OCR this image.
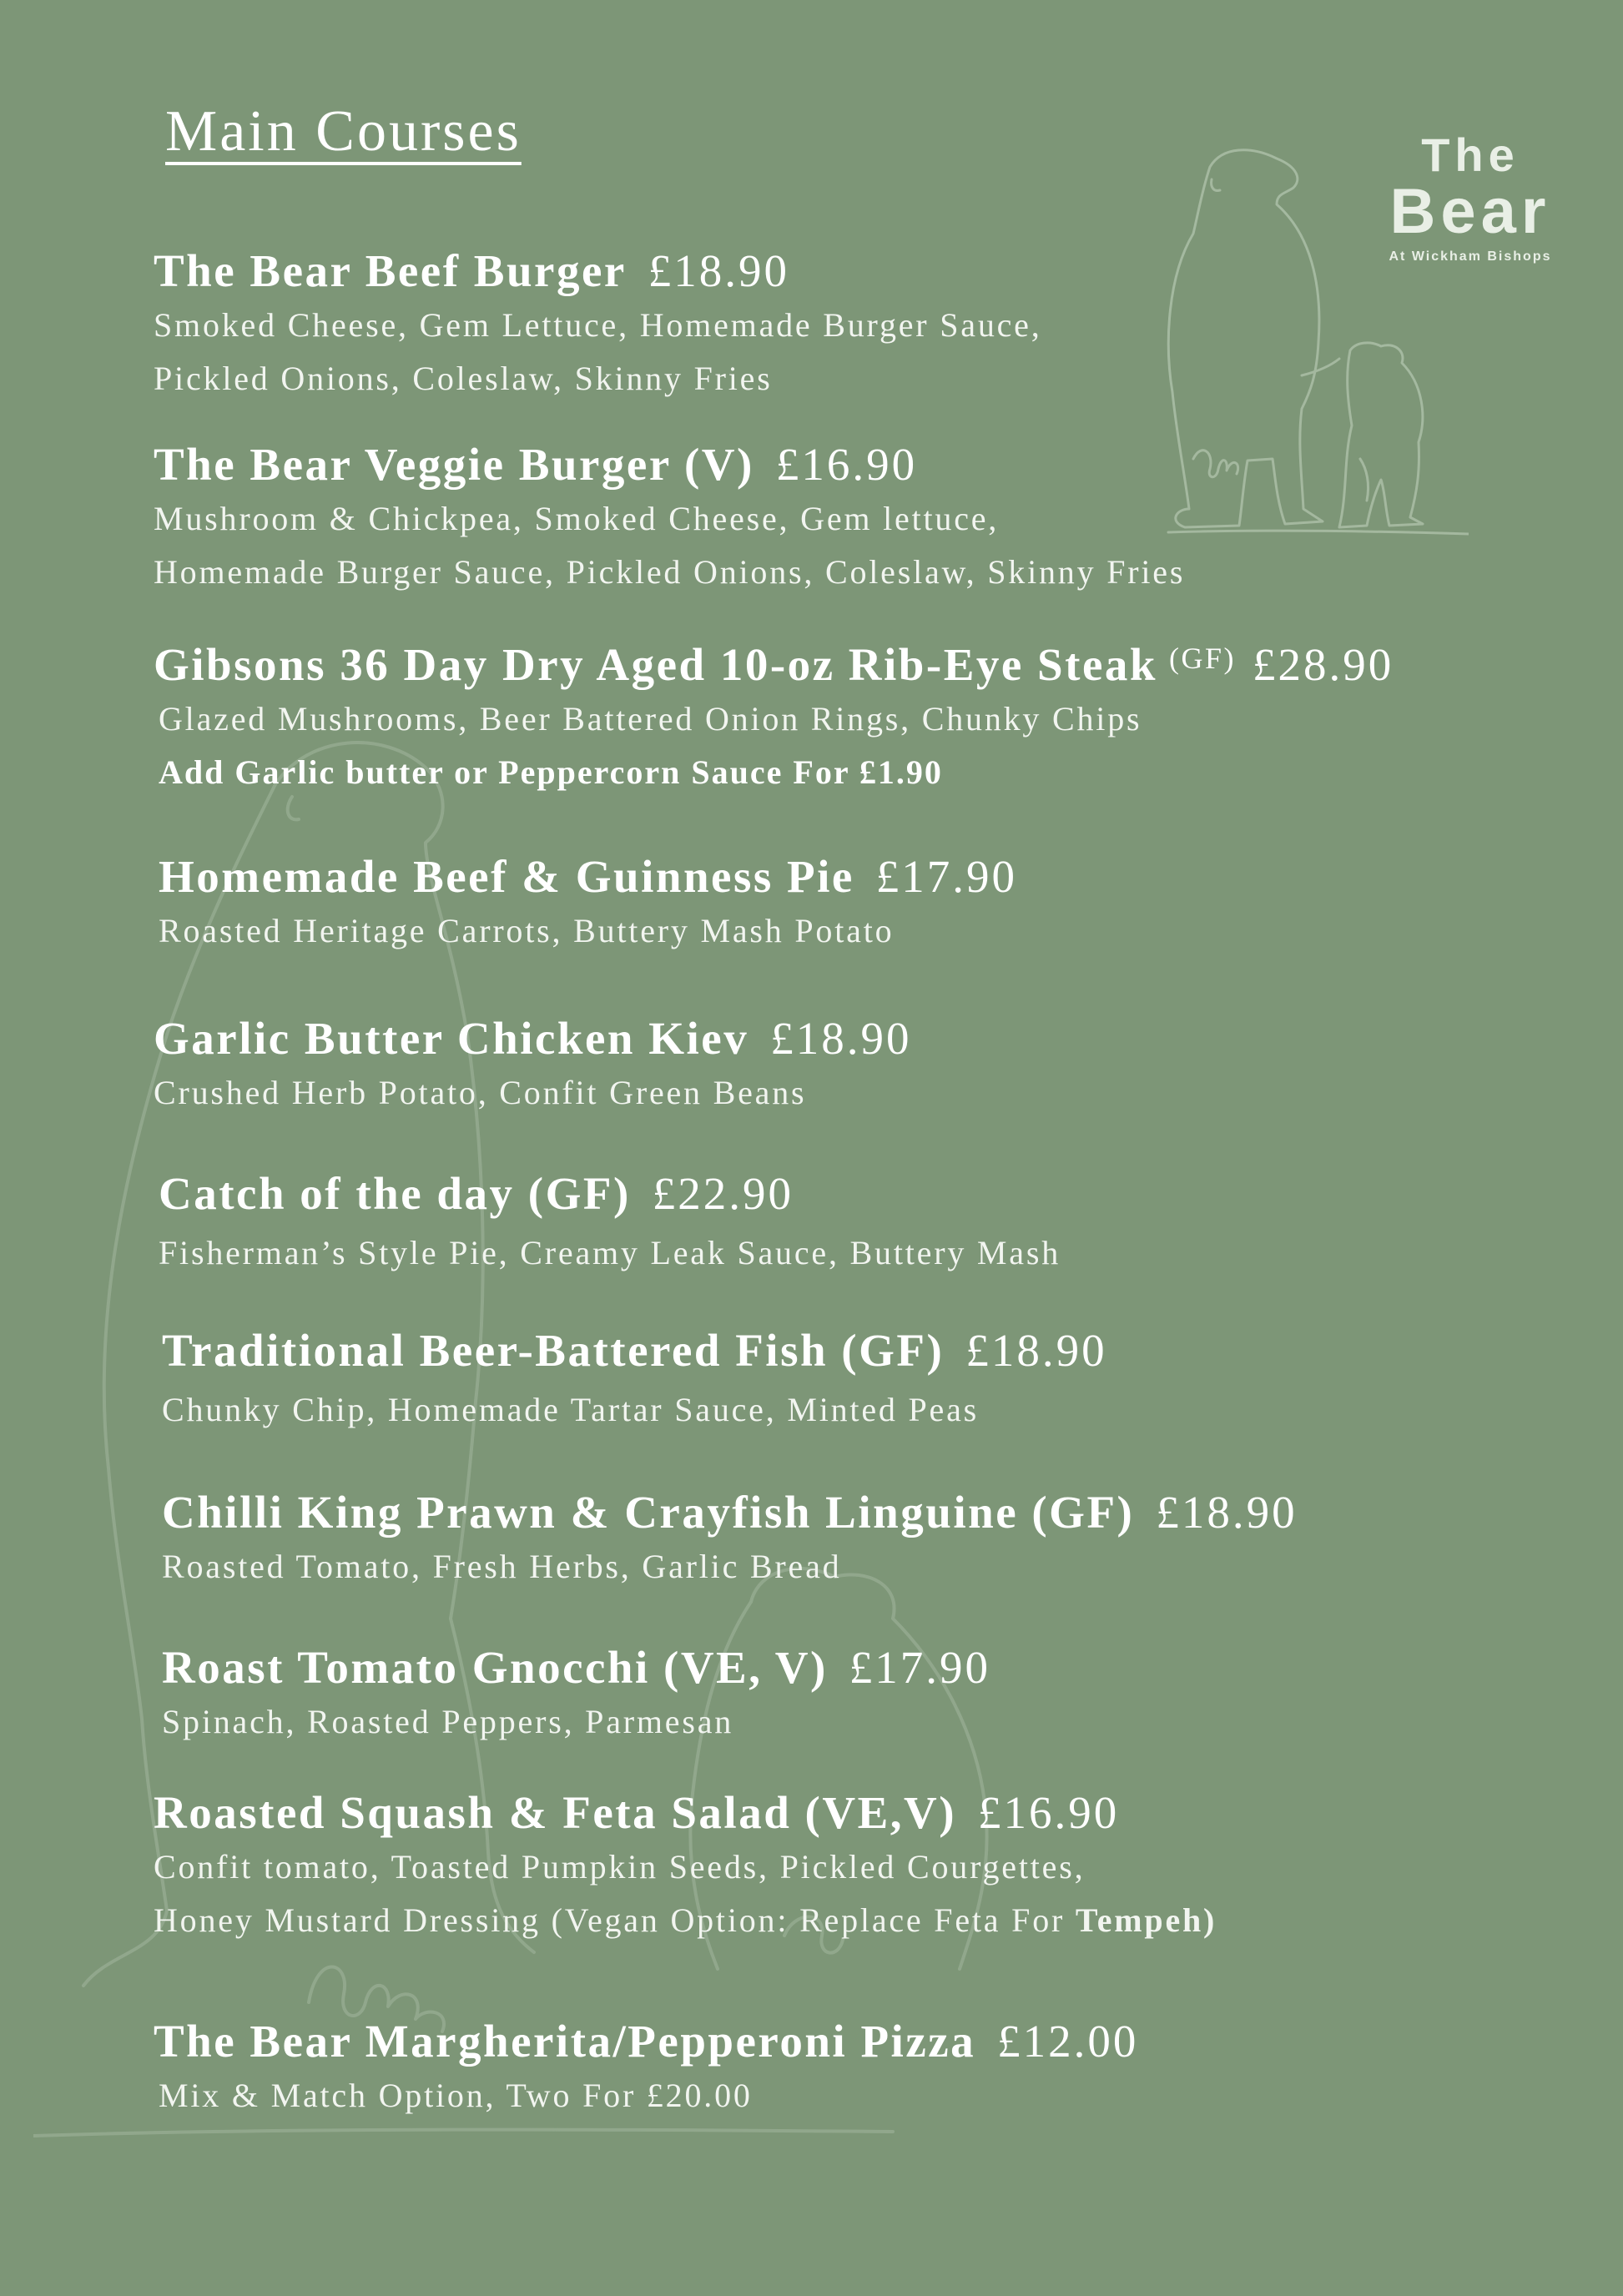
Main Courses	The
Bear
At Wickham Bishops
The Bear Beef Burger £18.90
Smoked Cheese, Gem Lettuce, Homemade Burger Sauce,
Pickled Onions, Coleslaw, Skinny Fries
The Bear Veggie Burger (V) £16.90
Mushroom & Chickpea, Smoked Cheese, Gem lettuce,
Homemade Burger Sauce, Pickled Onions, Coleslaw, Skinny Fries
Gibsons 36 Day Dry Aged 10-oz Rib-Eye Steak $^{(GF)}$ £28.90
Glazed Mushrooms, Beer Battered Onion Rings, Chunky Chips
Add Garlic butter or Peppercorn Sauce For £1.90
Homemade Beef & Guinness Pie £17.90
Roasted Heritage Carrots, Buttery Mash Potato
Garlic Butter Chicken Kiev £18.90
Crushed Herb Potato, Confit Green Beans
Catch of the day (GF) £22.90
Fisherman’s Style Pie, Creamy Leak Sauce, Buttery Mash
Traditional Beer-Battered Fish (GF) £18.90
Chunky Chip, Homemade Tartar Sauce, Minted Peas
Chilli King Prawn & Crayfish Linguine (GF) £18.90
Roasted Tomato, Fresh Herbs, Garlic Bread
Roast Tomato Gnocchi (VE, V) £17.90
Spinach, Roasted Peppers, Parmesan
Roasted Squash & Feta Salad (VE,V) £16.90
Confit tomato, Toasted Pumpkin Seeds, Pickled Courgettes,
Honey Mustard Dressing (Vegan Option: Replace Feta For Tempeh)
The Bear Margherita/Pepperoni Pizza £12.00
Mix & Match Option, Two For £20.00
